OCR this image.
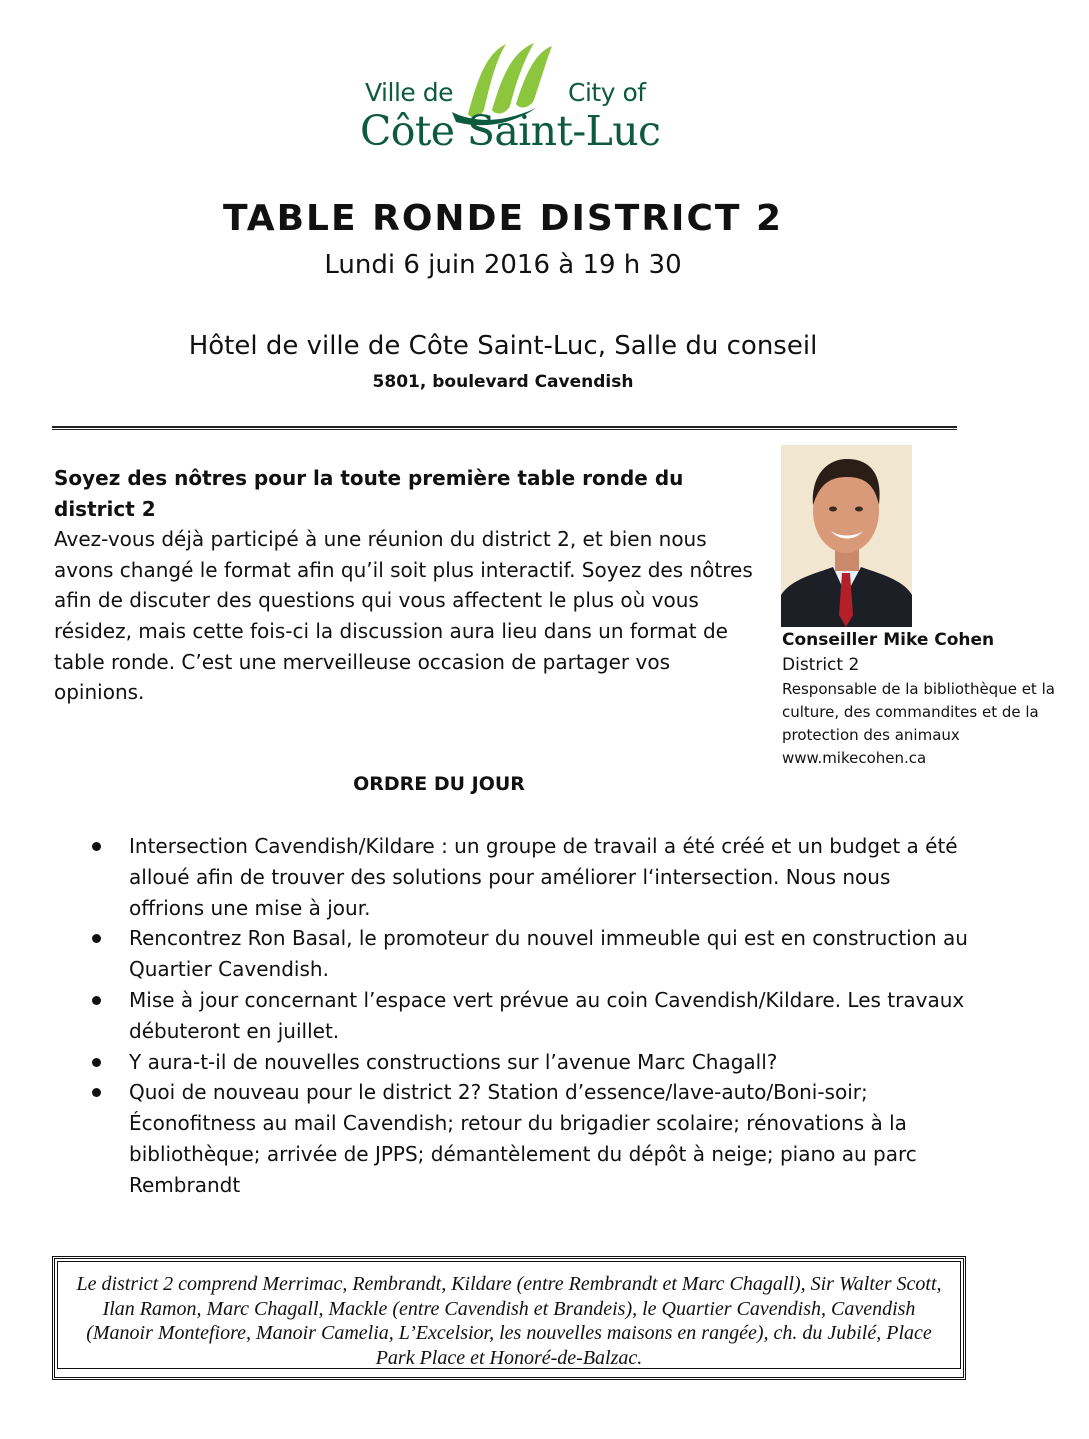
Ville de	City of
Côte Saint-Luc
TABLE RONDE DISTRICT 2
Lundi 6 juin 2016 à 19 h 30
Hôtel de ville de Côte Saint-Luc, Salle du conseil
5801, boulevard Cavendish
Soyez des nôtres pour la toute première table ronde du district 2
Avez-vous déjà participé à une réunion du district 2, et bien nous avons changé le format afin qu’il soit plus interactif. Soyez des nôtres afin de discuter des questions qui vous affectent le plus où vous résidez, mais cette fois-ci la discussion aura lieu dans un format de table ronde. C’est une merveilleuse occasion de partager vos opinions.
Conseiller Mike Cohen
District 2
Responsable de la bibliothèque et la
culture, des commandites et de la
protection des animaux
www.mikecohen.ca
ORDRE DU JOUR
Intersection Cavendish/Kildare : un groupe de travail a été créé et un budget a été alloué afin de trouver des solutions pour améliorer l‘intersection. Nous nous offrions une mise à jour.
Rencontrez Ron Basal, le promoteur du nouvel immeuble qui est en construction au Quartier Cavendish.
Mise à jour concernant l’espace vert prévue au coin Cavendish/Kildare. Les travaux débuteront en juillet.
Y aura-t-il de nouvelles constructions sur l’avenue Marc Chagall?
Quoi de nouveau pour le district 2? Station d’essence/lave-auto/Boni-soir; Éconofitness au mail Cavendish; retour du brigadier scolaire; rénovations à la bibliothèque; arrivée de JPPS; démantèlement du dépôt à neige; piano au parc Rembrandt
Le district 2 comprend Merrimac, Rembrandt, Kildare (entre Rembrandt et Marc Chagall), Sir Walter Scott, Ilan Ramon, Marc Chagall, Mackle (entre Cavendish et Brandeis), le Quartier Cavendish, Cavendish (Manoir Montefiore, Manoir Camelia, L’Excelsior, les nouvelles maisons en rangée), ch. du Jubilé, Place Park Place et Honoré-de-Balzac.
